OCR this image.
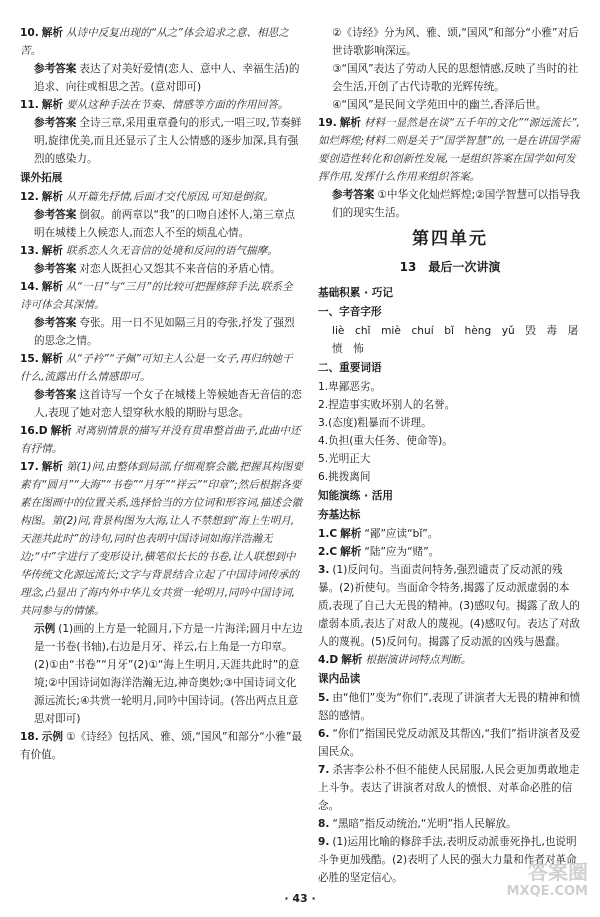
10. 解析 从诗中反复出现的“从之”体会追求之意、相思之苦。

参考答案 表达了对美好爱情(恋人、意中人、幸福生活)的追求、向往或相思之苦。(意对即可)

11. 解析 要从这种手法在节奏、情感等方面的作用回答。

参考答案 全诗三章,采用重章叠句的形式,一唱三叹,节奏鲜明,旋律优美,而且还显示了主人公情感的逐步加深,具有强烈的感染力。

课外拓展

12. 解析 从开篇先抒情,后面才交代原因,可知是倒叙。

参考答案 倒叙。前两章以“我”的口吻自述怀人,第三章点明在城楼上久候恋人,而恋人不至的烦乱心情。

13. 解析 联系恋人久无音信的处境和反问的语气揣摩。

参考答案 对恋人既担心又怨其不来音信的矛盾心情。

14. 解析 从“一日”与“三月”的比较可把握修辞手法,联系全诗可体会其深情。

参考答案 夸张。用一日不见如隔三月的夸张,抒发了强烈的思念之情。

15. 解析 从“子衿”“子佩”可知主人公是一女子,再归纳她干什么,流露出什么情感即可。

参考答案 这首诗写一个女子在城楼上等候她杳无音信的恋人,表现了她对恋人望穿秋水般的期盼与思念。

16.D 解析 对离别情景的描写并没有贯串整首曲子,此曲中还有抒情。

17. 解析 第(1)问,由整体到局部,仔细观察会徽,把握其构图要素有“圆月”“大海”“书卷”“月牙”“祥云”“印章”;然后根据各要素在图画中的位置关系,选择恰当的方位词和形容词,描述会徽构图。第(2)问,背景构图为大海,让人不禁想到“海上生明月,天涯共此时”的诗句,同时也表明中国诗词如海洋浩瀚无边;“中”字进行了变形设计,横笔似长长的书卷,让人联想到中华传统文化源远流长;文字与背景结合立起了中国诗词传承的理念,凸显出了海内外中华儿女共赏一轮明月,同吟中国诗词,共同参与的情愫。

示例 (1)画的上方是一轮圆月,下方是一片海洋;圆月中左边是一书卷(书轴),右边是月牙、祥云,右上角是一方印章。(2)①由“书卷”“月牙”(2)①“海上生明月,天涯共此时”的意境;②中国诗词如海洋浩瀚无边,神奇奥妙;③中国诗词文化源远流长;④共赏一轮明月,同吟中国诗词。(答出两点且意思对即可)

18. 示例 ①《诗经》包括风、雅、颂,“国风”和部分“小雅”最有价值。

②《诗经》分为风、雅、颂,“国风”和部分“小雅”对后世诗歌影响深远。

③“国风”表达了劳动人民的思想情感,反映了当时的社会生活,开创了古代诗歌的光辉传统。

④“国风”是民间文学苑田中的幽兰,香泽后世。

19. 解析 材料一显然是在谈“五千年的文化”“源远流长”,如烂辉煌;材料二则是关于“国学智慧”的,一是在讲国学需要创造性转化和创新性发展,一是组织答案在国学如何发挥作用,发挥什么作用来组织答案。

参考答案 ①中华文化灿烂辉煌;②国学智慧可以指导我们的现实生活。

第四单元
13　最后一次讲演
基础积累 · 巧记
一、字音字形
liè　chǐ　miè　chuí　bǐ　hèng　yǔ　毁　毒　屠　愤　怖
二、重要词语

1.卑鄙恶劣。

2.捏造事实败坏别人的名誉。

3.(态度)粗暴而不讲理。

4.负担(重大任务、使命等)。

5.光明正大

6.挑拨离间

知能演练 · 活用
夯基达标

1.C 解析 “鄙”应读“bǐ”。

2.C 解析 “陆”应为“赌”。

3. (1)反问句。当面责问特务,强烈谴责了反动派的残暴。(2)祈使句。当面命令特务,揭露了反动派虚弱的本质,表现了自己大无畏的精神。(3)感叹句。揭露了敌人的虚弱本质,表达了对敌人的蔑视。(4)感叹句。表达了对敌人的蔑视。(5)反问句。揭露了反动派的凶残与愚蠢。

4.D 解析 根据演讲词特点判断。

课内品读

5. 由“他们”变为“你们”,表现了讲演者大无畏的精神和愤怒的感情。

6. “你们”指国民党反动派及其帮凶,“我们”指讲演者及爱国民众。

7. 杀害李公朴不但不能使人民屈服,人民会更加勇敢地走上斗争。表达了讲演者对敌人的愤恨、对革命必胜的信念。

8. “黑暗”指反动统治,“光明”指人民解放。

9. (1)运用比喻的修辞手法,表明反动派垂死挣扎,也说明斗争更加残酷。(2)表明了人民的强大力量和作者对革命必胜的坚定信心。

· 43 ·
答案圈
MXQE.COM
